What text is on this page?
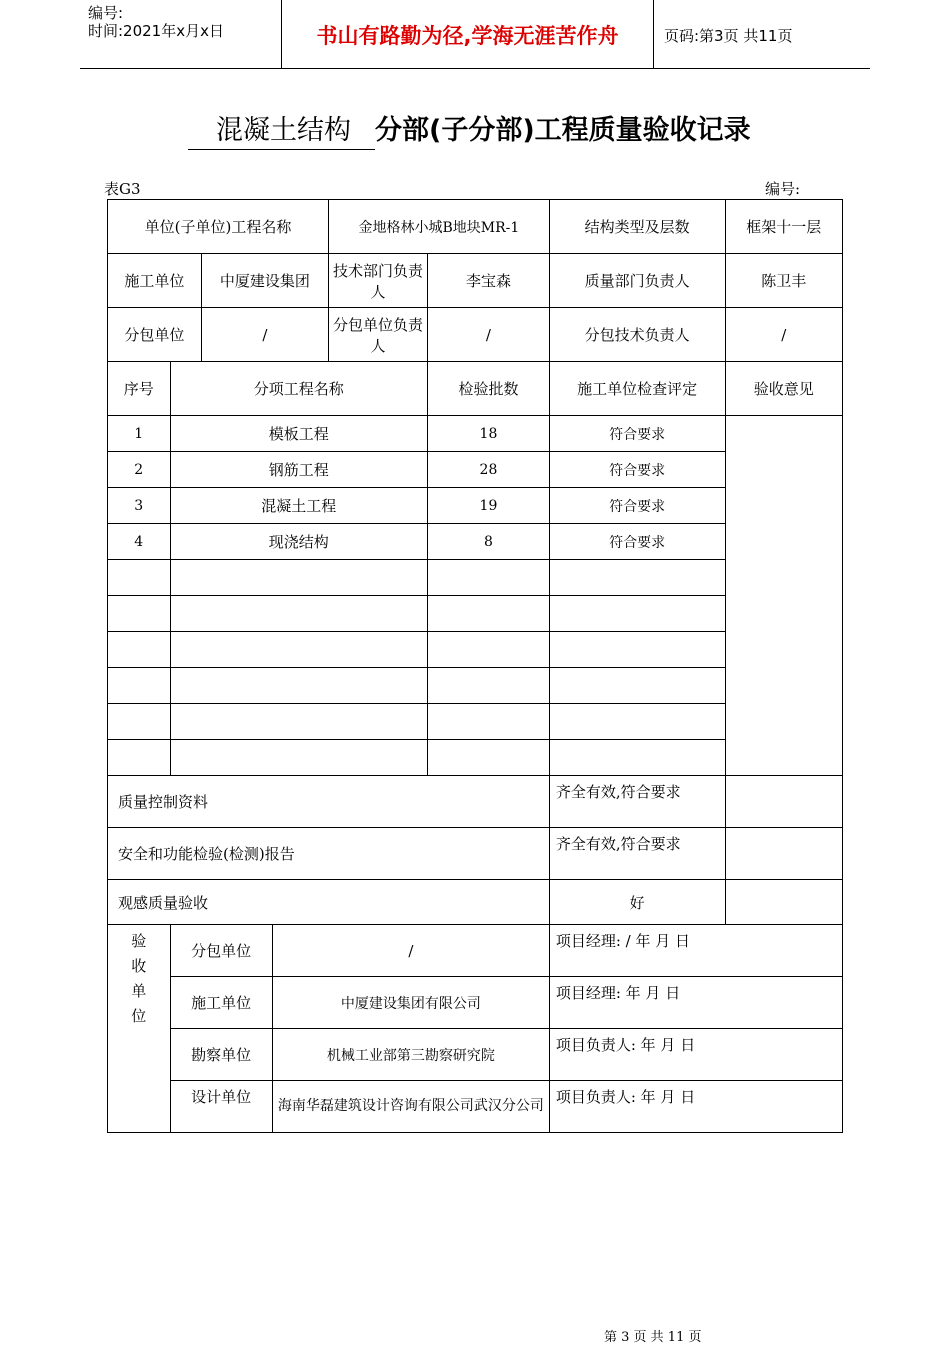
编号:
时间:2021年x月x日	书山有路勤为径,学海无涯苦作舟	页码:第3页 共11页
混凝土结构 分部(子分部)工程质量验收记录
表G3	编号:
单位(子单位)工程名称				金地格林小城B地块MR-1		结构类型及层数	框架十一层
施工单位		中厦建设集团		技术部门负责人	李宝森	质量部门负责人	陈卫丰
分包单位		/		分包单位负责人	/	分包技术负责人	/
序号	分项工程名称				检验批数	施工单位检查评定	验收意见
1	模板工程				18	符合要求	
2	钢筋工程				28	符合要求	
3	混凝土工程				19	符合要求	
4	现浇结构				8	符合要求	

质量控制资料						齐全有效,符合要求	
安全和功能检验(检测)报告						齐全有效,符合要求	
观感质量验收						好	
验收单位	分包单位		/			项目经理: / 年 月 日	
	施工单位		中厦建设集团有限公司			项目经理: 年 月 日	
	勘察单位		机械工业部第三勘察研究院			项目负责人: 年 月 日	
	设计单位		海南华磊建筑设计咨询有限公司武汉分公司			项目负责人: 年 月 日	
第 3 页 共 11 页
